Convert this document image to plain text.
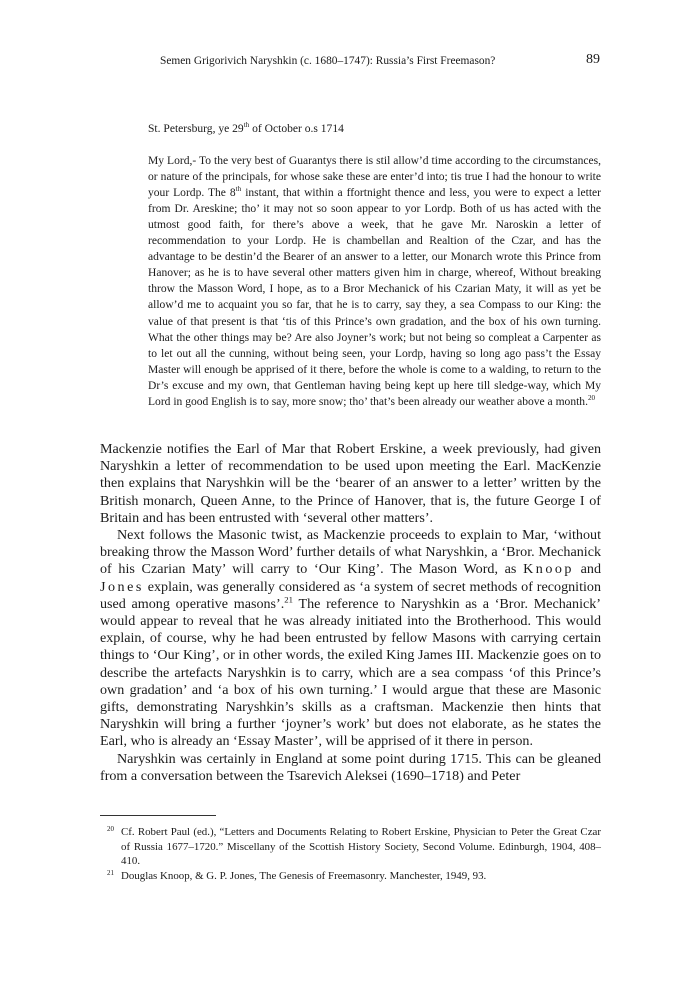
Semen Grigorivich Naryshkin (c. 1680–1747): Russia’s First Freemason?	89

St. Petersburg, ye 29th of October o.s 1714

My Lord,- To the very best of Guarantys there is stil allow’d time according to the circumstances, or nature of the principals, for whose sake these are enter’d into; tis true I had the honour to write your Lordp. The 8th instant, that within a ffortnight thence and less, you were to expect a letter from Dr. Areskine; tho’ it may not so soon appear to yor Lordp. Both of us has acted with the utmost good faith, for there’s above a week, that he gave Mr. Naroskin a letter of recommendation to your Lordp. He is chambellan and Realtion of the Czar, and has the advantage to be destin’d the Bearer of an answer to a letter, our Monarch wrote this Prince from Hanover; as he is to have several other matters given him in charge, whereof, Without breaking throw the Masson Word, I hope, as to a Bror Mechanick of his Czarian Maty, it will as yet be allow’d me to acquaint you so far, that he is to carry, say they, a sea Compass to our King: the value of that present is that ‘tis of this Prince’s own gradation, and the box of his own turning. What the other things may be? Are also Joyner’s work; but not being so compleat a Carpenter as to let out all the cunning, without being seen, your Lordp, having so long ago pass’t the Essay Master will enough be apprised of it there, before the whole is come to a walding, to return to the Dr’s excuse and my own, that Gentleman having being kept up here till sledge-way, which My Lord in good English is to say, more snow; tho’ that’s been already our weather above a month.$^{20}$

Mackenzie notifies the Earl of Mar that Robert Erskine, a week previously, had given Naryshkin a letter of recommendation to be used upon meeting the Earl. MacKenzie then explains that Naryshkin will be the ‘bearer of an answer to a letter’ written by the British monarch, Queen Anne, to the Prince of Hanover, that is, the future George I of Britain and has been entrusted with ‘several other matters’.

Next follows the Masonic twist, as Mackenzie proceeds to explain to Mar, ‘without breaking throw the Masson Word’ further details of what Naryshkin, a ‘Bror. Mechanick of his Czarian Maty’ will carry to ‘Our King’. The Mason Word, as Knoop and Jones explain, was generally considered as ‘a system of secret methods of recognition used among operative masons’.$^{21}$ The reference to Naryshkin as a ‘Bror. Mechanick’ would appear to reveal that he was already initiated into the Brotherhood. This would explain, of course, why he had been entrusted by fellow Masons with carrying certain things to ‘Our King’, or in other words, the exiled King James III. Mackenzie goes on to describe the artefacts Naryshkin is to carry, which are a sea compass ‘of this Prince’s own gradation’ and ‘a box of his own turning.’ I would argue that these are Masonic gifts, demonstrating Naryshkin’s skills as a craftsman. Mackenzie then hints that Naryshkin will bring a further ‘joyner’s work’ but does not elaborate, as he states the Earl, who is already an ‘Essay Master’, will be apprised of it there in person.

Naryshkin was certainly in England at some point during 1715. This can be gleaned from a conversation between the Tsarevich Aleksei (1690–1718) and Peter

20 Cf. Robert Paul (ed.), “Letters and Documents Relating to Robert Erskine, Physician to Peter the Great Czar of Russia 1677–1720.” Miscellany of the Scottish History Society, Second Volume. Edinburgh, 1904, 408–410.

21 Douglas Knoop, & G. P. Jones, The Genesis of Freemasonry. Manchester, 1949, 93.
